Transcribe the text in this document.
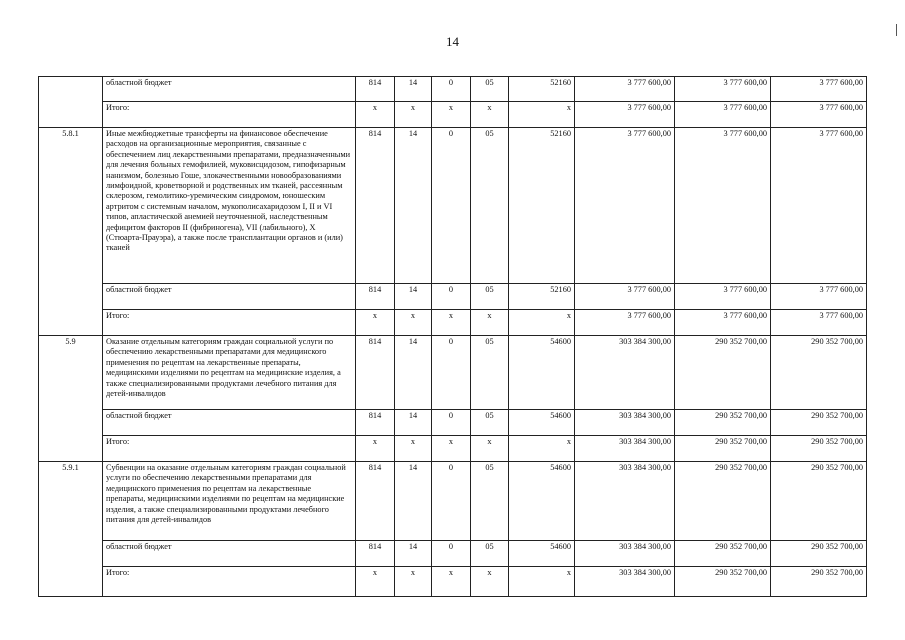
14
	областной бюджет	814	14	0	05	52160	3 777 600,00	3 777 600,00	3 777 600,00
	Итого:	x	x	x	x	x	3 777 600,00	3 777 600,00	3 777 600,00
5.8.1	Иные межбюджетные трансферты на финансовое обеспечение расходов на организационные мероприятия, связанные с обеспечением лиц лекарственными препаратами, предназначенными для лечения больных гемофилией, муковисцидозом, гипофизарным нанизмом, болезнью Гоше, злокачественными новообразованиями лимфоидной, кроветворной и родственных им тканей, рассеянным склерозом, гемолитико-уремическим синдромом, юношеским артритом с системным началом, мукополисахаридозом I, II и VI типов, апластической анемией неуточненной, наследственным дефицитом факторов II (фибриногена), VII (лабильного), X (Стюарта-Прауэра), а также после трансплантации органов и (или) тканей	814	14	0	05	52160	3 777 600,00	3 777 600,00	3 777 600,00
	областной бюджет	814	14	0	05	52160	3 777 600,00	3 777 600,00	3 777 600,00
	Итого:	x	x	x	x	x	3 777 600,00	3 777 600,00	3 777 600,00
5.9	Оказание отдельным категориям граждан социальной услуги по обеспечению лекарственными препаратами для медицинского применения по рецептам на лекарственные препараты, медицинскими изделиями по рецептам на медицинские изделия, а также специализированными продуктами лечебного питания для детей-инвалидов	814	14	0	05	54600	303 384 300,00	290 352 700,00	290 352 700,00
	областной бюджет	814	14	0	05	54600	303 384 300,00	290 352 700,00	290 352 700,00
	Итого:	x	x	x	x	x	303 384 300,00	290 352 700,00	290 352 700,00
5.9.1	Субвенции на оказание отдельным категориям граждан социальной услуги по обеспечению лекарственными препаратами для медицинского применения по рецептам на лекарственные препараты, медицинскими изделиями по рецептам на медицинские изделия, а также специализированными продуктами лечебного питания для детей-инвалидов	814	14	0	05	54600	303 384 300,00	290 352 700,00	290 352 700,00
	областной бюджет	814	14	0	05	54600	303 384 300,00	290 352 700,00	290 352 700,00
	Итого:	x	x	x	x	x	303 384 300,00	290 352 700,00	290 352 700,00
